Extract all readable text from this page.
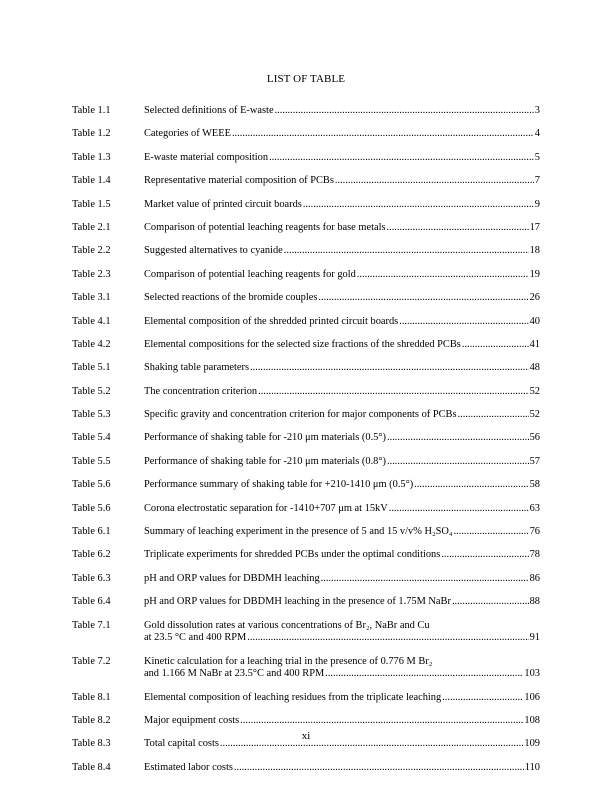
LIST OF TABLE
Table 1.1	Selected definitions of E-waste .....	3
Table 1.2	Categories of WEEE .....	4
Table 1.3	E-waste material composition .....	5
Table 1.4	Representative material composition of PCBs .....	7
Table 1.5	Market value of printed circuit boards .....	9
Table 2.1	Comparison of potential leaching reagents for base metals .....	17
Table 2.2	Suggested alternatives to cyanide .....	18
Table 2.3	Comparison of potential leaching reagents for gold .....	19
Table 3.1	Selected reactions of the bromide couples .....	26
Table 4.1	Elemental composition of the shredded printed circuit boards .....	40
Table 4.2	Elemental compositions for the selected size fractions of the shredded PCBs .....	41
Table 5.1	Shaking table parameters .....	48
Table 5.2	The concentration criterion .....	52
Table 5.3	Specific gravity and concentration criterion for major components of PCBs .....	52
Table 5.4	Performance of shaking table for -210 μm materials (0.5°) .....	56
Table 5.5	Performance of shaking table for -210 μm materials (0.8°) .....	57
Table 5.6	Performance summary of shaking table for +210-1410 μm (0.5°) .....	58
Table 5.6	Corona electrostatic separation for -1410+707 μm at 15kV .....	63
Table 6.1	Summary of leaching experiment in the presence of 5 and 15 v/v% H₂SO₄ .....	76
Table 6.2	Triplicate experiments for shredded PCBs under the optimal conditions .....	78
Table 6.3	pH and ORP values for DBDMH leaching .....	86
Table 6.4	pH and ORP values for DBDMH leaching in the presence of 1.75M NaBr .....	88
Table 7.1	Gold dissolution rates at various concentrations of Br₂, NaBr and Cu
at 23.5 °C and 400 RPM .....	91
Table 7.2	Kinetic calculation for a leaching trial in the presence of 0.776 M Br₂
and 1.166 M NaBr at 23.5°C and 400 RPM .....	103
Table 8.1	Elemental composition of leaching residues from the triplicate leaching .....	106
Table 8.2	Major equipment costs .....	108
Table 8.3	Total capital costs .....	109
Table 8.4	Estimated labor costs .....	110
xi
